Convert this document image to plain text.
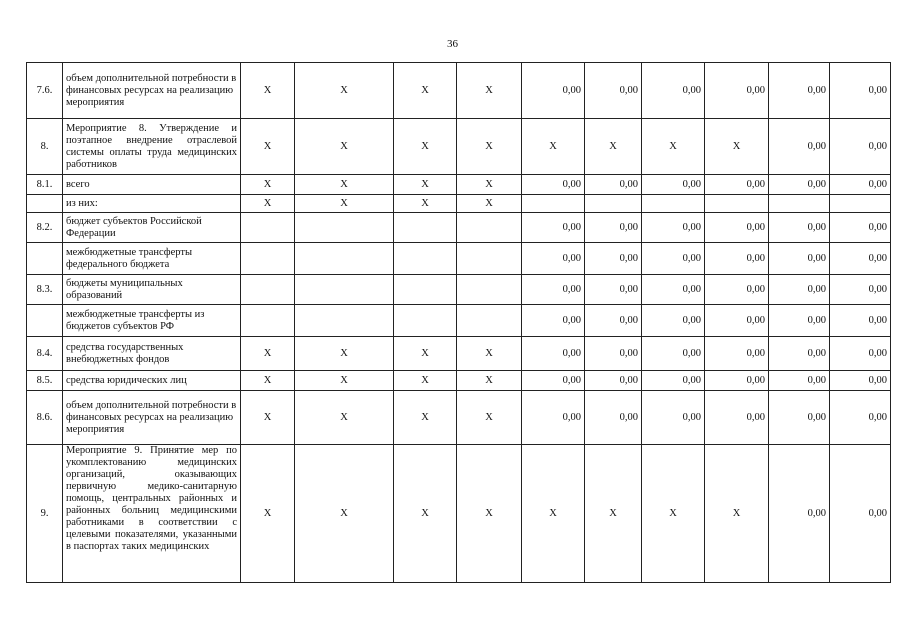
36
7.6.	объем дополнительной потребности в финансовых ресурсах на реализацию мероприятия	X	X	X	X	0,00	0,00	0,00	0,00	0,00	0,00
8.	Мероприятие 8. Утверждение и поэтапное внедрение отраслевой системы оплаты труда медицинских работников	X	X	X	X	X	X	X	X	0,00	0,00
8.1.	всего	X	X	X	X	0,00	0,00	0,00	0,00	0,00	0,00
	из них:	X	X	X	X						
8.2.	бюджет субъектов Российской Федерации					0,00	0,00	0,00	0,00	0,00	0,00
	межбюджетные трансферты федерального бюджета					0,00	0,00	0,00	0,00	0,00	0,00
8.3.	бюджеты муниципальных образований					0,00	0,00	0,00	0,00	0,00	0,00
	межбюджетные трансферты из бюджетов субъектов РФ					0,00	0,00	0,00	0,00	0,00	0,00
8.4.	средства государственных внебюджетных фондов	X	X	X	X	0,00	0,00	0,00	0,00	0,00	0,00
8.5.	средства юридических лиц	X	X	X	X	0,00	0,00	0,00	0,00	0,00	0,00
8.6.	объем дополнительной потребности в финансовых ресурсах на реализацию мероприятия	X	X	X	X	0,00	0,00	0,00	0,00	0,00	0,00
9.	Мероприятие 9. Принятие мер по укомплектованию медицинских организаций, оказывающих первичную медико-санитарную помощь, центральных районных и районных больниц медицинскими работниками в соответствии с целевыми показателями, указанными в паспортах таких медицинских	X	X	X	X	X	X	X	X	0,00	0,00
